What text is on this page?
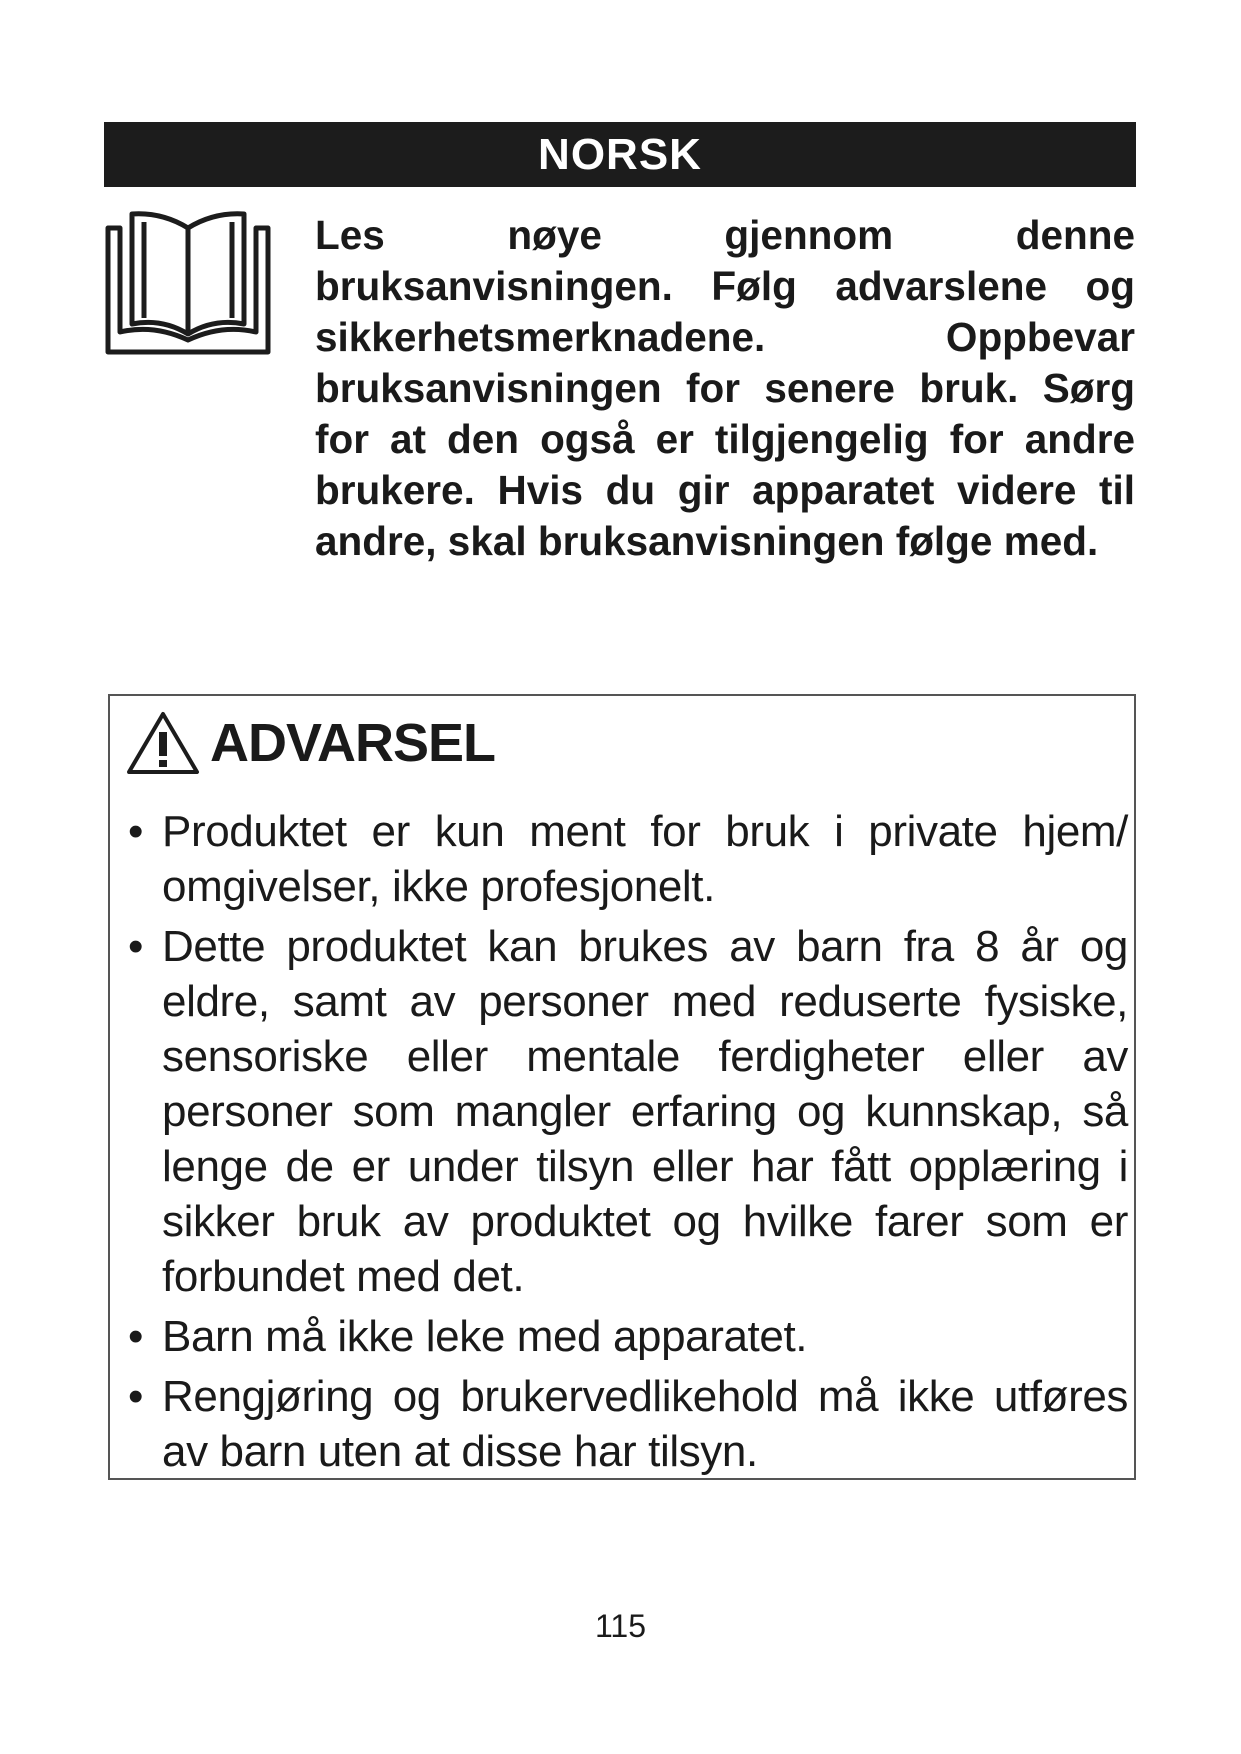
NORSK

Les nøye gjennom denne bruksanvisningen. Følg advarslene og sikkerhetsmerknadene. Oppbevar bruksanvisningen for senere bruk. Sørg for at den også er tilgjengelig for andre brukere. Hvis du gir apparatet videre til andre, skal bruksanvisningen følge med.

ADVARSEL
• Produktet er kun ment for bruk i private hjem/ omgivelser, ikke profesjonelt.
• Dette produktet kan brukes av barn fra 8 år og eldre, samt av personer med reduserte fysiske, sensoriske eller mentale ferdigheter eller av personer som mangler erfaring og kunnskap, så lenge de er under tilsyn eller har fått opplæring i sikker bruk av produktet og hvilke farer som er forbundet med det.
• Barn må ikke leke med apparatet.
• Rengjøring og brukervedlikehold må ikke utføres av barn uten at disse har tilsyn.
115
